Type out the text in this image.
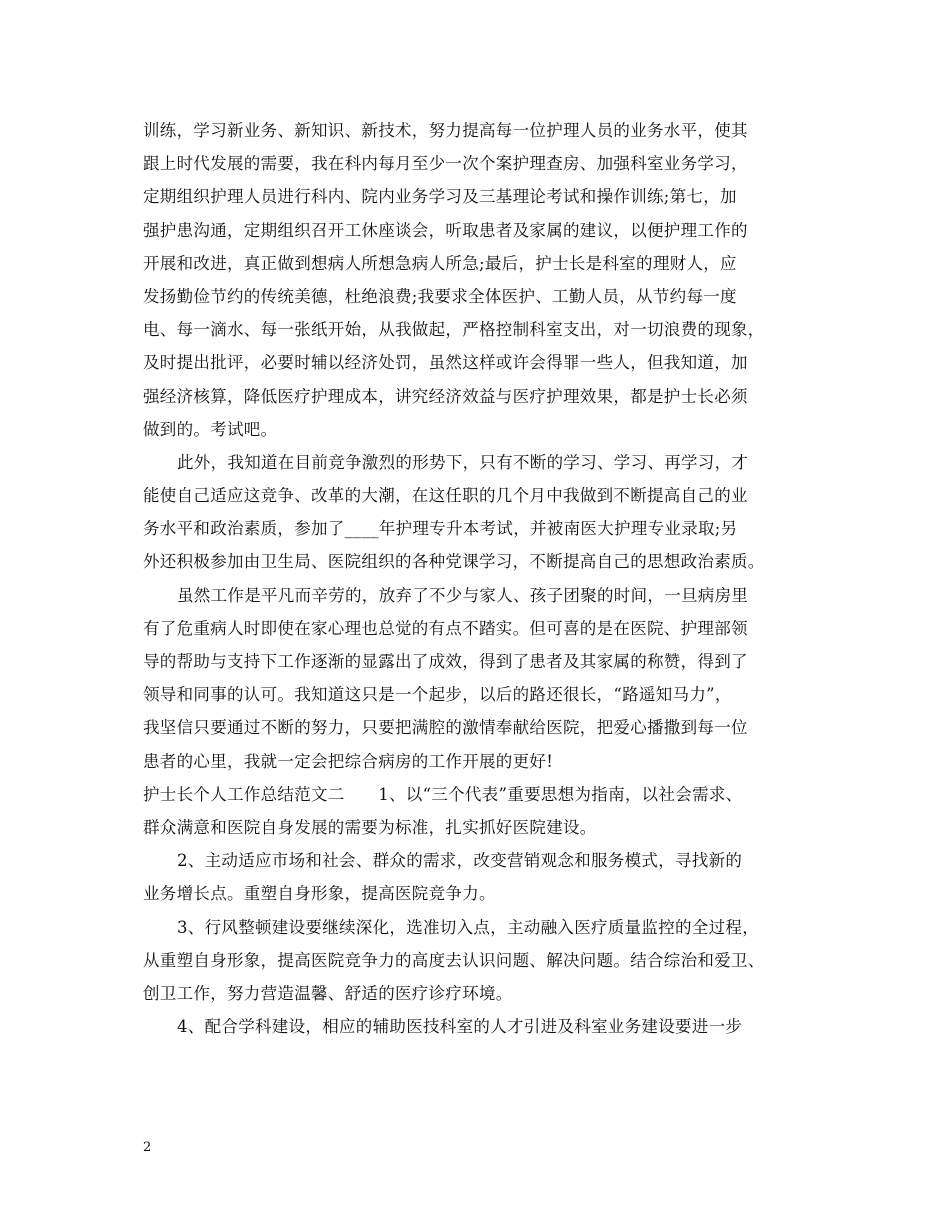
训练，学习新业务、新知识、新技术，努力提高每一位护理人员的业务水平，使其
跟上时代发展的需要，我在科内每月至少一次个案护理查房、加强科室业务学习，
定期组织护理人员进行科内、院内业务学习及三基理论考试和操作训练;第七，加
强护患沟通，定期组织召开工休座谈会，听取患者及家属的建议，以便护理工作的
开展和改进，真正做到想病人所想急病人所急;最后，护士长是科室的理财人，应
发扬勤俭节约的传统美德，杜绝浪费;我要求全体医护、工勤人员，从节约每一度
电、每一滴水、每一张纸开始，从我做起，严格控制科室支出，对一切浪费的现象，
及时提出批评，必要时辅以经济处罚，虽然这样或许会得罪一些人，但我知道，加
强经济核算，降低医疗护理成本，讲究经济效益与医疗护理效果，都是护士长必须
做到的。考试吧。
此外，我知道在目前竞争激烈的形势下，只有不断的学习、学习、再学习，才
能使自己适应这竞争、改革的大潮，在这任职的几个月中我做到不断提高自己的业
务水平和政治素质，参加了____年护理专升本考试，并被南医大护理专业录取;另
外还积极参加由卫生局、医院组织的各种党课学习，不断提高自己的思想政治素质。
虽然工作是平凡而辛劳的，放弃了不少与家人、孩子团聚的时间，一旦病房里
有了危重病人时即使在家心理也总觉的有点不踏实。但可喜的是在医院、护理部领
导的帮助与支持下工作逐渐的显露出了成效，得到了患者及其家属的称赞，得到了
领导和同事的认可。我知道这只是一个起步，以后的路还很长，“路遥知马力”，
我坚信只要通过不断的努力，只要把满腔的激情奉献给医院，把爱心播撒到每一位
患者的心里，我就一定会把综合病房的工作开展的更好!
护士长个人工作总结范文二　　1、以“三个代表”重要思想为指南，以社会需求、
群众满意和医院自身发展的需要为标准，扎实抓好医院建设。
2、主动适应市场和社会、群众的需求，改变营销观念和服务模式，寻找新的
业务增长点。重塑自身形象，提高医院竞争力。
3、行风整顿建设要继续深化，选准切入点，主动融入医疗质量监控的全过程，
从重塑自身形象，提高医院竞争力的高度去认识问题、解决问题。结合综治和爱卫、
创卫工作，努力营造温馨、舒适的医疗诊疗环境。
4、配合学科建设，相应的辅助医技科室的人才引进及科室业务建设要进一步
2
